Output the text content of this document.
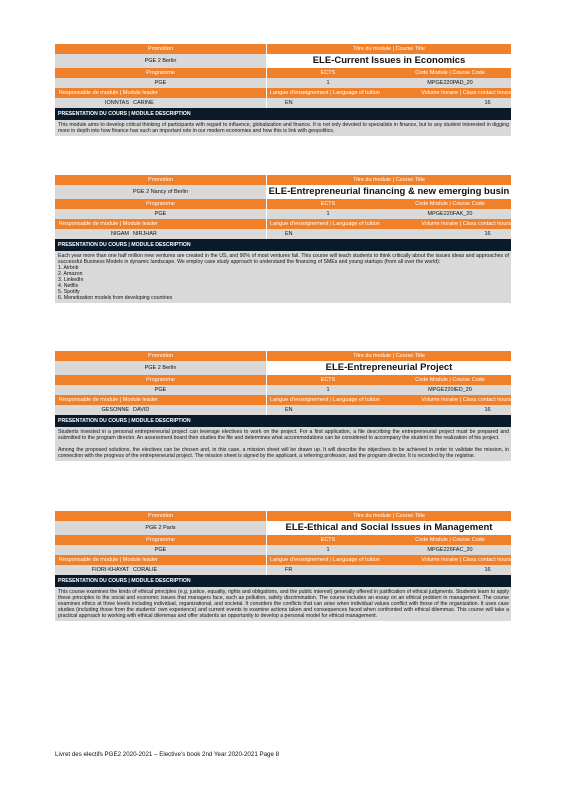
Promotion	Titre du module | Course Title
PGE 2 Berlin	ELE-Current Issues in Economics
Programme	ECTS	Code Module | Course Code
PGE	1	MPGE220PAD_20
Responsable de module | Module leader	Langue d'enseignement | Language of tuition	Volume horaire | Class contact hours
IONNTAS CARINE	EN	16
PRESENTATION DU COURS | MODULE DESCRIPTION

This module aims to develop critical thinking of participants with regard to influence, globalization and finance. It is not only devoted to specialists in finance, but to any student interested in digging more in depth into how finance has such an important role in our modern economies and how this is link with geopolitics.

Promotion	Titre du module | Course Title
PGE 2 Nancy of Berlin	ELE-Entrepreneurial financing & new emerging busin
Programme	ECTS	Code Module | Course Code
PGE	1	MPGE220FAK_20
Responsable de module | Module leader	Langue d'enseignement | Language of tuition	Volume horaire | Class contact hours
NIGAM NIRJHAR	EN	16
PRESENTATION DU COURS | MODULE DESCRIPTION

Each year more than one half million new ventures are created in the US, and 90% of most ventures fail. This course will teach students to think critically about the issues ideas and approaches of successful Business Models in dynamic landscape. We employ case study approach to understand the financing of SMEs and young startups (from all over the world):

1. Airbnb
2. Amazon
3. LinkedIn
4. Netflix
5. Spotify
6. Monetization models from developing countries
Promotion	Titre du module | Course Title
PGE 2 Berlin	ELE-Entrepreneurial Project
Programme	ECTS	Code Module | Course Code
PGE	1	MPGE220IED_20
Responsable de module | Module leader	Langue d'enseignement | Language of tuition	Volume horaire | Class contact hours
GESONNE DAVID	EN	16
PRESENTATION DU COURS | MODULE DESCRIPTION

Students invested in a personal entrepreneurial project can leverage electives to work on the project. For a first application, a file describing the entrepreneurial project must be prepared and submitted to the program director. An assessment board then studies the file and determines what accommodations can be considered to accompany the student in the realization of his project.

Among the proposed solutions, the electives can be chosen and, in this case, a mission sheet will be drawn up. It will describe the objectives to be achieved in order to validate the mission, in connection with the progress of the entrepreneurial project. The mission sheet is signed by the applicant, a referring professor, and the program director. It is recorded by the registrar.

Promotion	Titre du module | Course Title
PGE 2 Paris	ELE-Ethical and Social Issues in Management
Programme	ECTS	Code Module | Course Code
PGE	1	MPGE226FAC_20
Responsable de module | Module leader	Langue d'enseignement | Language of tuition	Volume horaire | Class contact hours
FIORI-KHAYAT CORALIE	FR	16
PRESENTATION DU COURS | MODULE DESCRIPTION

This course examines the kinds of ethical principles (e.g. justice, equality, rights and obligations, and the public interest) generally offered in justification of ethical judgments. Students learn to apply these principles to the social and economic issues that managers face, such as pollution, safety discrimination. The course includes an essay on an ethical problem in management. The course examines ethics at three levels including individual, organizational, and societal. It considers the conflicts that can arise when individual values conflict with those of the organization. It uses case studies (including those from the students' own experience) and current events to examine actions taken and consequences faced when confronted with ethical dilemmas. This course will take a practical approach to working with ethical dilemmas and offer students an opportunity to develop a personal model for ethical management.

Livret des electifs PGE2 2020-2021 – Elective's book 2nd Year 2020-2021 Page 8
